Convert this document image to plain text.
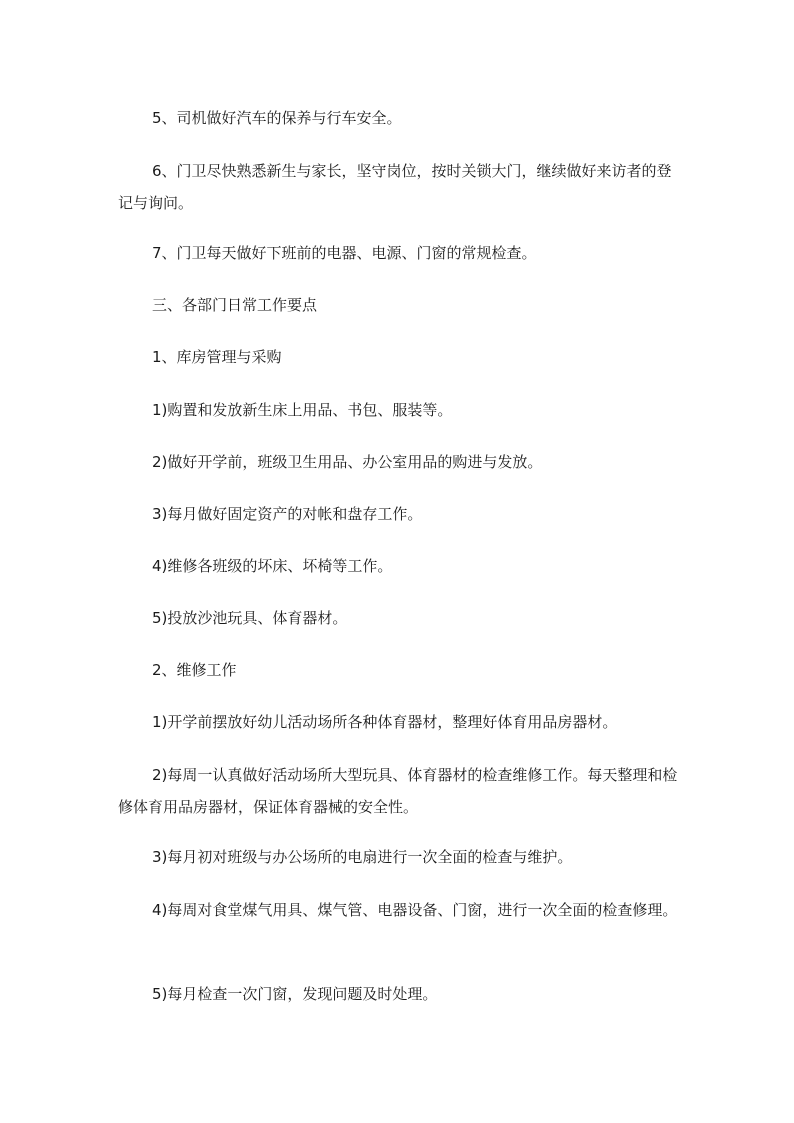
5、司机做好汽车的保养与行车安全。

6、门卫尽快熟悉新生与家长，坚守岗位，按时关锁大门，继续做好来访者的登记与询问。

7、门卫每天做好下班前的电器、电源、门窗的常规检查。

三、各部门日常工作要点

1、库房管理与采购

1)购置和发放新生床上用品、书包、服装等。

2)做好开学前，班级卫生用品、办公室用品的购进与发放。

3)每月做好固定资产的对帐和盘存工作。

4)维修各班级的坏床、坏椅等工作。

5)投放沙池玩具、体育器材。

2、维修工作

1)开学前摆放好幼儿活动场所各种体育器材，整理好体育用品房器材。

2)每周一认真做好活动场所大型玩具、体育器材的检查维修工作。每天整理和检修体育用品房器材，保证体育器械的安全性。

3)每月初对班级与办公场所的电扇进行一次全面的检查与维护。

4)每周对食堂煤气用具、煤气管、电器设备、门窗，进行一次全面的检查修理。

5)每月检查一次门窗，发现问题及时处理。
